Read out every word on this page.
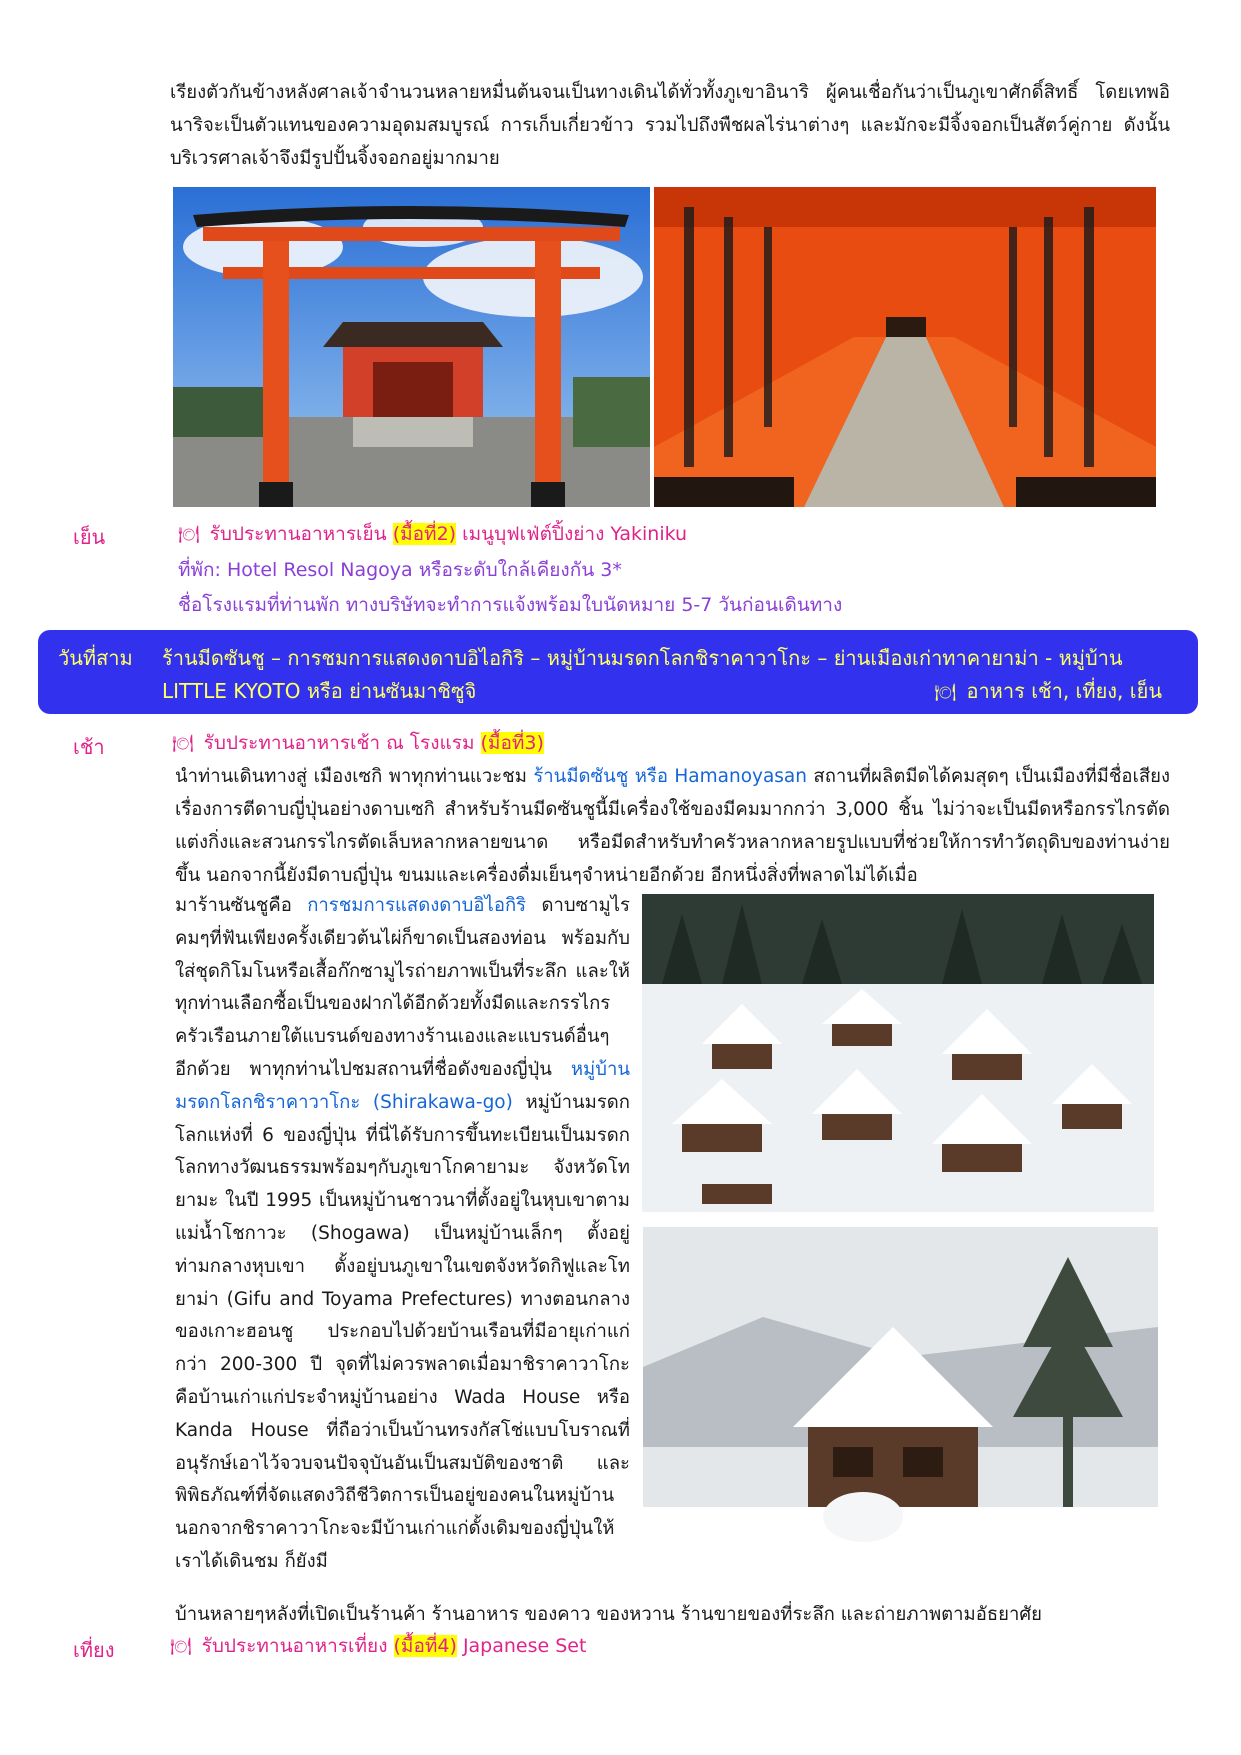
เรียงตัวกันข้างหลังศาลเจ้าจำนวนหลายหมื่นต้นจนเป็นทางเดินได้ทั่วทั้งภูเขาอินาริ ผู้คนเชื่อกันว่าเป็นภูเขาศักดิ์สิทธิ์ โดยเทพอินาริจะเป็นตัวแทนของความอุดมสมบูรณ์ การเก็บเกี่ยวข้าว รวมไปถึงพืชผลไร่นาต่างๆ และมักจะมีจิ้งจอกเป็นสัตว์คู่กาย ดังนั้นบริเวรศาลเจ้าจึงมีรูปปั้นจิ้งจอกอยู่มากมาย

เย็น	🍽 รับประทานอาหารเย็น (มื้อที่2) เมนูบุฟเฟ่ต์ปิ้งย่าง Yakiniku
ที่พัก: Hotel Resol Nagoya หรือระดับใกล้เคียงกัน 3*
ชื่อโรงแรมที่ท่านพัก ทางบริษัทจะทำการแจ้งพร้อมใบนัดหมาย 5-7 วันก่อนเดินทาง
วันที่สาม ร้านมีดซันชู – การชมการแสดงดาบอิไอกิริ – หมู่บ้านมรดกโลกชิราคาวาโกะ – ย่านเมืองเก่าทาคายาม่า - หมู่บ้าน LITTLE KYOTO หรือ ย่านซันมาชิซูจิ	🍽 อาหาร เช้า, เที่ยง, เย็น
เช้า	🍽 รับประทานอาหารเช้า ณ โรงแรม (มื้อที่3)

นำท่านเดินทางสู่ เมืองเซกิ พาทุกท่านแวะชม ร้านมีดซันชู หรือ Hamanoyasan สถานที่ผลิตมีดได้คมสุดๆ เป็นเมืองที่มีชื่อเสียงเรื่องการตีดาบญี่ปุ่นอย่างดาบเซกิ สำหรับร้านมีดซันชูนี้มีเครื่องใช้ของมีคมมากกว่า 3,000 ชิ้น ไม่ว่าจะเป็นมีดหรือกรรไกรตัดแต่งกิ่งและสวนกรรไกรตัดเล็บหลากหลายขนาด หรือมีดสำหรับทำครัวหลากหลายรูปแบบที่ช่วยให้การทำวัตถุดิบของท่านง่ายขึ้น นอกจากนี้ยังมีดาบญี่ปุ่น ขนมและเครื่องดื่มเย็นๆจำหน่ายอีกด้วย อีกหนึ่งสิ่งที่พลาดไม่ได้เมื่อ

มาร้านซันชูคือ การชมการแสดงดาบอิไอกิริ ดาบซามูไรคมๆที่ฟันเพียงครั้งเดียวต้นไผ่ก็ขาดเป็นสองท่อน พร้อมกับใส่ชุดกิโมโนหรือเสื้อก๊กซามูไรถ่ายภาพเป็นที่ระลึก และให้ทุกท่านเลือกซื้อเป็นของฝากได้อีกด้วยทั้งมีดและกรรไกรครัวเรือนภายใต้แบรนด์ของทางร้านเองและแบรนด์อื่นๆอีกด้วย พาทุกท่านไปชมสถานที่ชื่อดังของญี่ปุ่น หมู่บ้านมรดกโลกชิราคาวาโกะ (Shirakawa-go) หมู่บ้านมรดกโลกแห่งที่ 6 ของญี่ปุ่น ที่นี่ได้รับการขึ้นทะเบียนเป็นมรดกโลกทางวัฒนธรรมพร้อมๆกับภูเขาโกคายามะ จังหวัดโทยามะ ในปี 1995 เป็นหมู่บ้านชาวนาที่ตั้งอยู่ในหุบเขาตามแม่น้ำโชกาวะ (Shogawa) เป็นหมู่บ้านเล็กๆ ตั้งอยู่ท่ามกลางหุบเขา ตั้งอยู่บนภูเขาในเขตจังหวัดกิฟูและโทยาม่า (Gifu and Toyama Prefectures) ทางตอนกลางของเกาะฮอนชู ประกอบไปด้วยบ้านเรือนที่มีอายุเก่าแก่กว่า 200-300 ปี จุดที่ไม่ควรพลาดเมื่อมาชิราคาวาโกะ คือบ้านเก่าแก่ประจำหมู่บ้านอย่าง Wada House หรือ Kanda House ที่ถือว่าเป็นบ้านทรงกัสโช่แบบโบราณที่อนุรักษ์เอาไว้จวบจนปัจจุบันอันเป็นสมบัติของชาติ และพิพิธภัณฑ์ที่จัดแสดงวิถีชีวิตการเป็นอยู่ของคนในหมู่บ้าน นอกจากชิราคาวาโกะจะมีบ้านเก่าแก่ดั้งเดิมของญี่ปุ่นให้เราได้เดินชม ก็ยังมี

บ้านหลายๆหลังที่เปิดเป็นร้านค้า ร้านอาหาร ของคาว ของหวาน ร้านขายของที่ระลึก และถ่ายภาพตามอัธยาศัย

เที่ยง	🍽 รับประทานอาหารเที่ยง (มื้อที่4) Japanese Set
